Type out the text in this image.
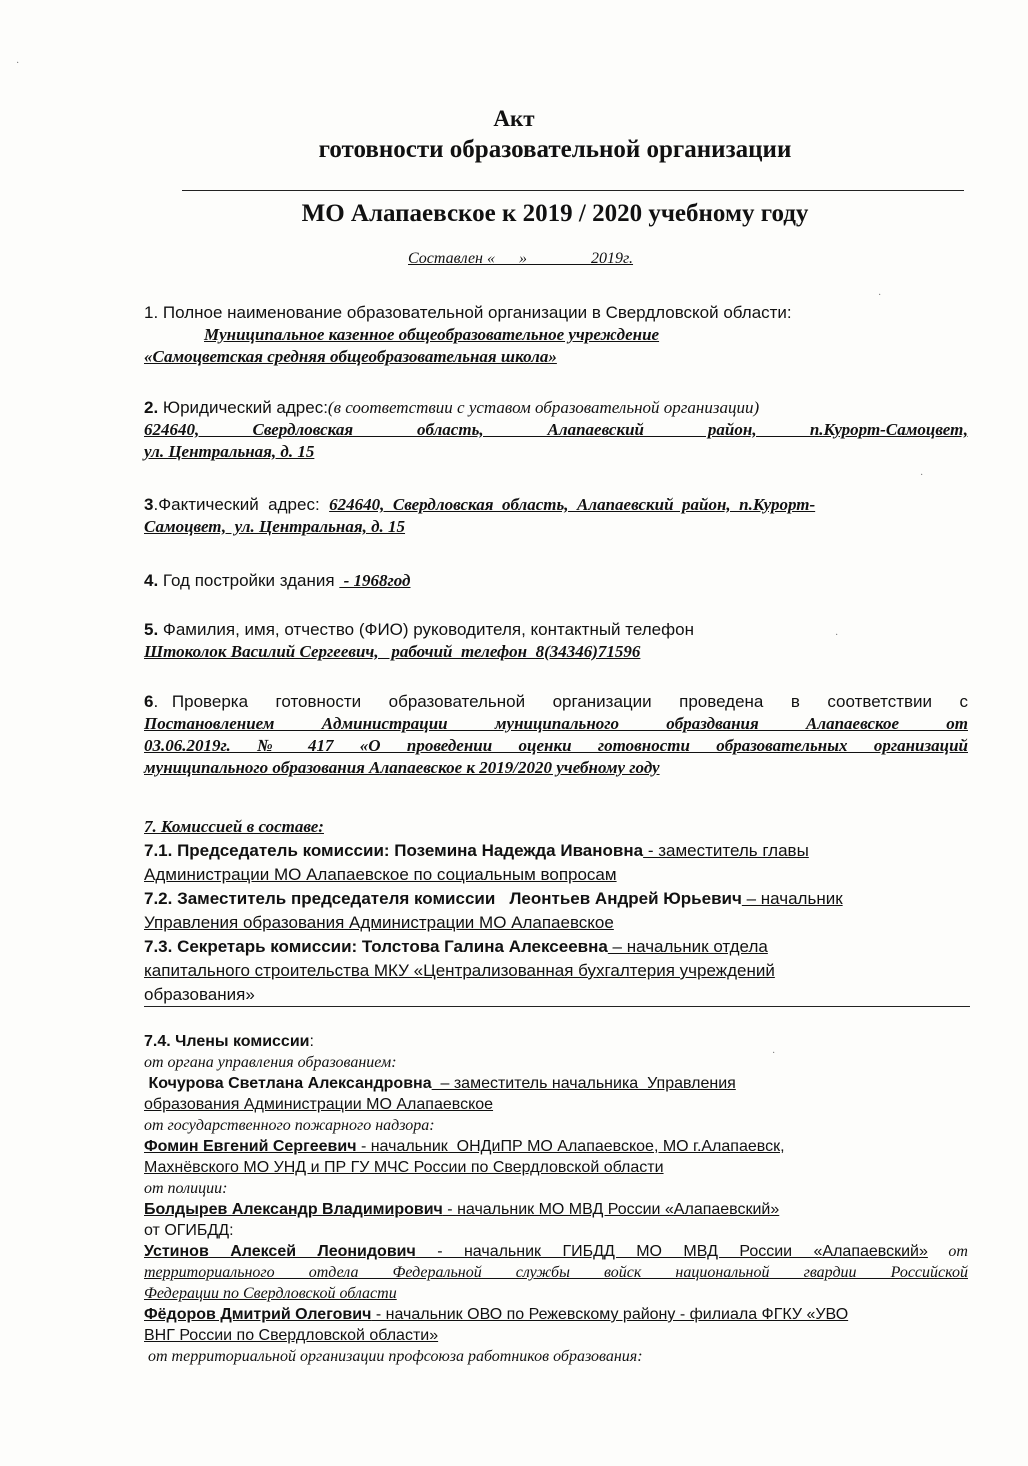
Акт
готовности образовательной организации
МО Алапаевское к 2019 / 2020 учебному году
Составлен «      »                2019г.
1. Полное наименование образовательной организации в Свердловской области:
Муниципальное казенное общеобразовательное учреждение
«Самоцветская средняя общеобразовательная школа»
2. Юридический адрес:(в соответствии с уставом образовательной организации)
624640,     Свердловская      область,      Алапаевский      район,     п.Курорт-Самоцвет,
ул. Центральная, д. 15
3.Фактический  адрес:  624640,  Свердловская  область,  Алапаевский  район,  п.Курорт-
Самоцвет,  ул. Центральная, д. 15
4. Год постройки здания  - 1968год
5. Фамилия, имя, отчество (ФИО) руководителя, контактный телефон
Штоколок Василий Сергеевич,   рабочий  телефон  8(34346)71596
6. Проверка  готовности  образовательной  организации  проведена  в  соответствии  с
Постановлением   Администрации   муниципального   образдвания   Алапаевское   от
03.06.2019г.  №  417  «О  проведении  оценки  готовности  образовательных  организаций
муниципального образования Алапаевское к 2019/2020 учебному году
7. Комиссией в составе:
7.1. Председатель комиссии: Поземина Надежда Ивановна - заместитель главы
Администрации МО Алапаевское по социальным вопросам
7.2. Заместитель председателя комиссии   Леонтьев Андрей Юрьевич – начальник
Управления образования Администрации МО Алапаевское
7.3. Секретарь комиссии: Толстова Галина Алексеевна – начальник отдела
капитального строительства МКУ «Централизованная бухгалтерия учреждений
образования»
7.4. Члены комиссии:
от органа управления образованием:
Кочурова Светлана Александровна  – заместитель начальника  Управления
образования Администрации МО Алапаевское
от государственного пожарного надзора:
Фомин Евгений Сергеевич - начальник  ОНДиПР МО Алапаевское, МО г.Алапаевск,
Махнёвского МО УНД и ПР ГУ МЧС России по Свердловской области
от полиции:
Болдырев Александр Владимирович - начальник МО МВД России «Алапаевский»
от ОГИБДД:
Устинов  Алексей  Леонидович  -  начальник  ГИБДД  МО  МВД  России  «Алапаевский»  от
территориального  отдела  Федеральной  службы  войск  национальной  гвардии  Российской
Федерации по Свердловской области
Фёдоров Дмитрий Олегович - начальник ОВО по Режевскому району - филиала ФГКУ «УВО
ВНГ России по Свердловской области»
от территориальной организации профсоюза работников образования:
·
·
·
·
·
